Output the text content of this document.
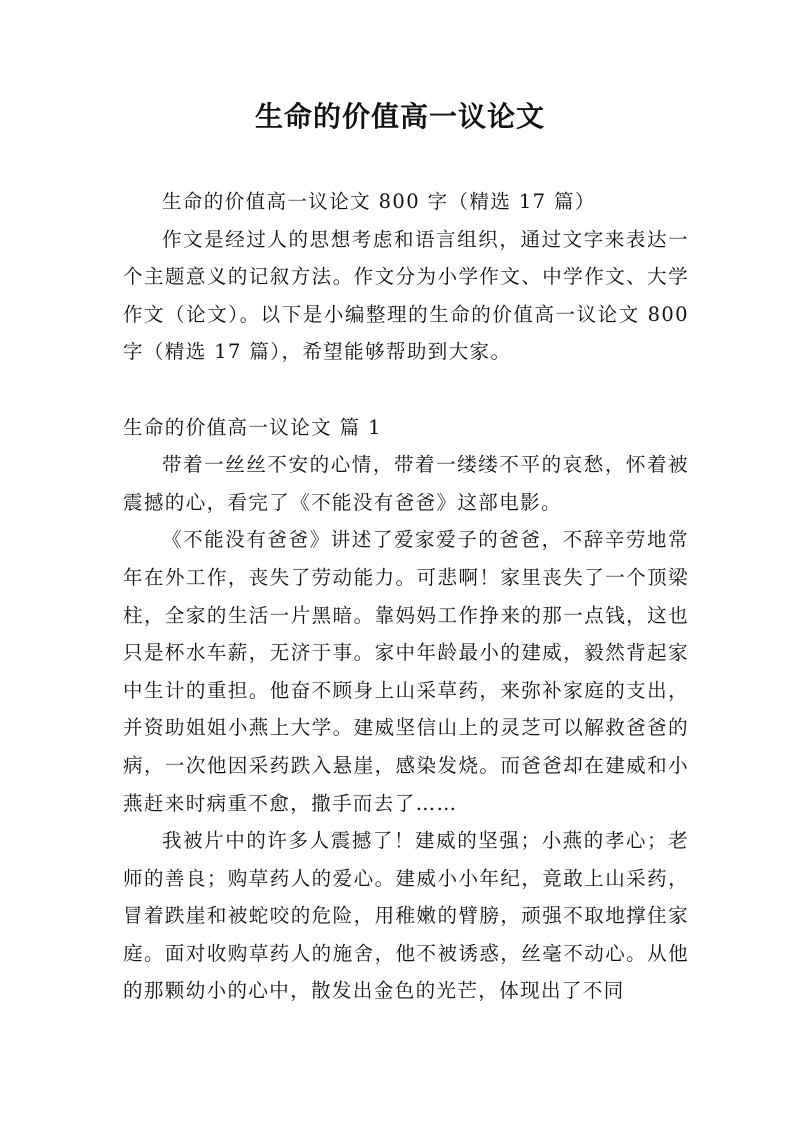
生命的价值高一议论文

生命的价值高一议论文 800 字（精选 17 篇）

作文是经过人的思想考虑和语言组织，通过文字来表达一个主题意义的记叙方法。作文分为小学作文、中学作文、大学作文（论文）。以下是小编整理的生命的价值高一议论文 800 字（精选 17 篇），希望能够帮助到大家。

生命的价值高一议论文 篇 1

带着一丝丝不安的心情，带着一缕缕不平的哀愁，怀着被震撼的心，看完了《不能没有爸爸》这部电影。

《不能没有爸爸》讲述了爱家爱子的爸爸，不辞辛劳地常年在外工作，丧失了劳动能力。可悲啊！家里丧失了一个顶梁柱，全家的生活一片黑暗。靠妈妈工作挣来的那一点钱，这也只是杯水车薪，无济于事。家中年龄最小的建威，毅然背起家中生计的重担。他奋不顾身上山采草药，来弥补家庭的支出，并资助姐姐小燕上大学。建威坚信山上的灵芝可以解救爸爸的病，一次他因采药跌入悬崖，感染发烧。而爸爸却在建威和小燕赶来时病重不愈，撒手而去了……

我被片中的许多人震撼了！建威的坚强；小燕的孝心；老师的善良；购草药人的爱心。建威小小年纪，竟敢上山采药，冒着跌崖和被蛇咬的危险，用稚嫩的臂膀，顽强不取地撑住家庭。面对收购草药人的施舍，他不被诱惑，丝毫不动心。从他的那颗幼小的心中，散发出金色的光芒，体现出了不同
